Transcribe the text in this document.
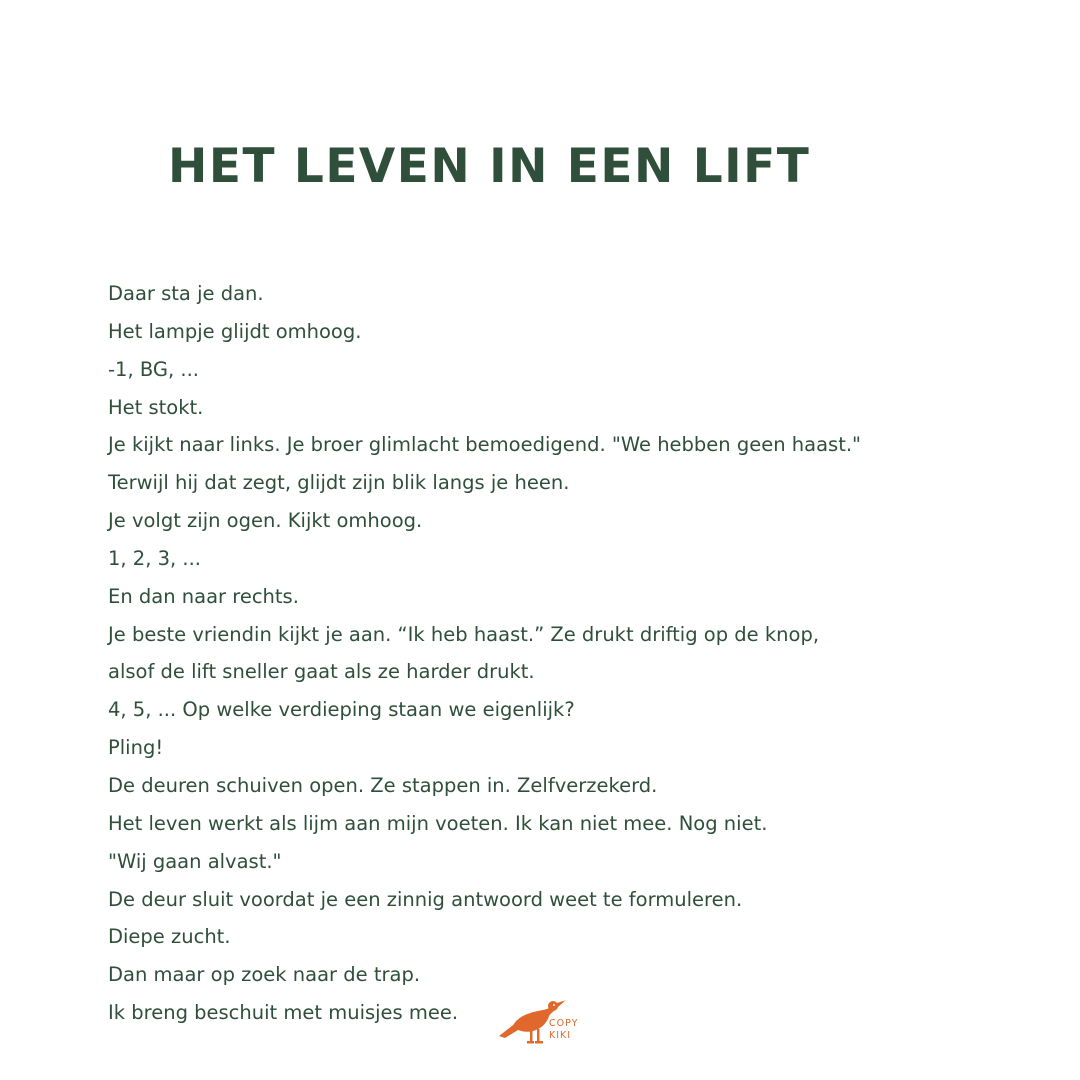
HET LEVEN IN EEN LIFT
Daar sta je dan.
Het lampje glijdt omhoog.
-1, BG, ...
Het stokt.
Je kijkt naar links. Je broer glimlacht bemoedigend. "We hebben geen haast."
Terwijl hij dat zegt, glijdt zijn blik langs je heen.
Je volgt zijn ogen. Kijkt omhoog.
1, 2, 3, ...
En dan naar rechts.
Je beste vriendin kijkt je aan. “Ik heb haast.” Ze drukt driftig op de knop,
alsof de lift sneller gaat als ze harder drukt.
4, 5, ... Op welke verdieping staan we eigenlijk?
Pling!
De deuren schuiven open. Ze stappen in. Zelfverzekerd.
Het leven werkt als lijm aan mijn voeten. Ik kan niet mee. Nog niet.
"Wij gaan alvast."
De deur sluit voordat je een zinnig antwoord weet te formuleren.
Diepe zucht.
Dan maar op zoek naar de trap.
Ik breng beschuit met muisjes mee.	COPY
KIKI
